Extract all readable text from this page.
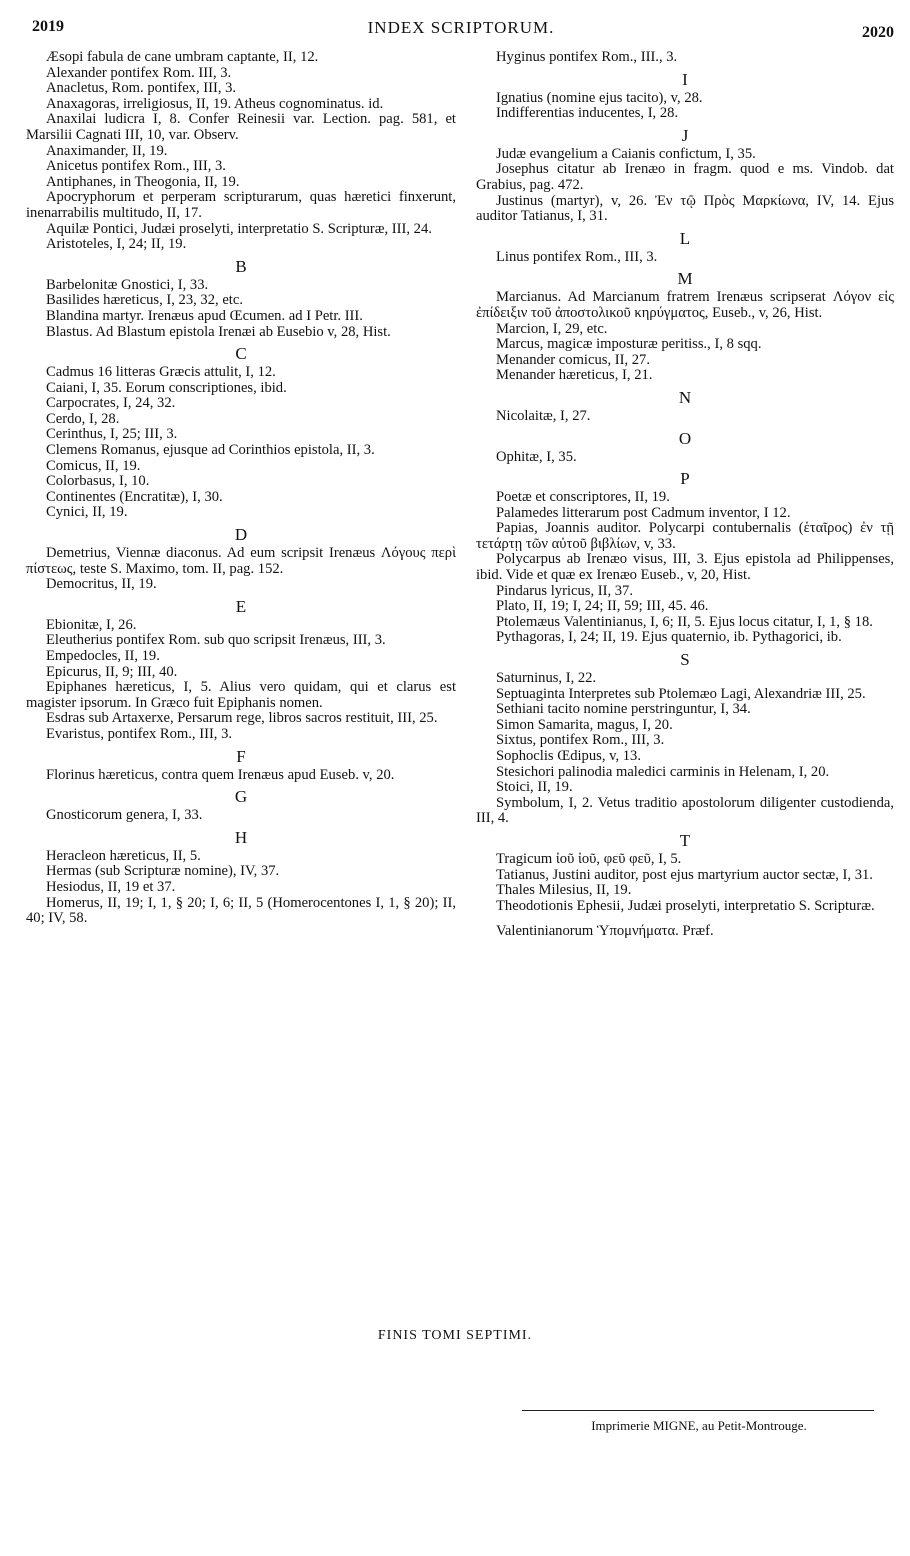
2019	INDEX SCRIPTORUM.	2020
Æsopi fabula de cane umbram captante, II, 12.
Alexander pontifex Rom. III, 3.
Anacletus, Rom. pontifex, III, 3.
Anaxagoras, irreligiosus, II, 19. Atheus cognominatus. id.
Anaxilai ludicra I, 8. Confer Reinesii var. Lection. pag. 581, et Marsilii Cagnati III, 10, var. Observ.
Anaximander, II, 19.
Anicetus pontifex Rom., III, 3.
Antiphanes, in Theogonia, II, 19.
Apocryphorum et perperam scripturarum, quas hæretici finxerunt, inenarrabilis multitudo, II, 17.
Aquilæ Pontici, Judæi proselyti, interpretatio S. Scripturæ, III, 24.
Aristoteles, I, 24; II, 19.
B
Barbelonitæ Gnostici, I, 33.
Basilides hæreticus, I, 23, 32, etc.
Blandina martyr. Irenæus apud Œcumen. ad I Petr. III.
Blastus. Ad Blastum epistola Irenæi ab Eusebio v, 28, Hist.
C
Cadmus 16 litteras Græcis attulit, I, 12.
Caiani, I, 35. Eorum conscriptiones, ibid.
Carpocrates, I, 24, 32.
Cerdo, I, 28.
Cerinthus, I, 25; III, 3.
Clemens Romanus, ejusque ad Corinthios epistola, II, 3.
Comicus, II, 19.
Colorbasus, I, 10.
Continentes (Encratitæ), I, 30.
Cynici, II, 19.
D
Demetrius, Viennæ diaconus. Ad eum scripsit Irenæus Λόγους περὶ πίστεως, teste S. Maximo, tom. II, pag. 152.
Democritus, II, 19.
E
Ebionitæ, I, 26.
Eleutherius pontifex Rom. sub quo scripsit Irenæus, III, 3.
Empedocles, II, 19.
Epicurus, II, 9; III, 40.
Epiphanes hæreticus, I, 5. Alius vero quidam, qui et clarus est magister ipsorum. In Græco fuit Epiphanis nomen.
Esdras sub Artaxerxe, Persarum rege, libros sacros restituit, III, 25.
Evaristus, pontifex Rom., III, 3.
F
Florinus hæreticus, contra quem Irenæus apud Euseb. v, 20.
G
Gnosticorum genera, I, 33.
H
Heracleon hæreticus, II, 5.
Hermas (sub Scripturæ nomine), IV, 37.
Hesiodus, II, 19 et 37.
Homerus, II, 19; I, 1, § 20; I, 6; II, 5 (Homerocentones I, 1, § 20); II, 40; IV, 58.
Hyginus pontifex Rom., III., 3.
I
Ignatius (nomine ejus tacito), v, 28.
Indifferentias inducentes, I, 28.
J
Judæ evangelium a Caianis confictum, I, 35.
Josephus citatur ab Irenæo in fragm. quod e ms. Vindob. dat Grabius, pag. 472.
Justinus (martyr), v, 26. Ἐν τῷ Πρὸς Μαρκίωνα, IV, 14. Ejus auditor Tatianus, I, 31.
L
Linus pontifex Rom., III, 3.
M
Marcianus. Ad Marcianum fratrem Irenæus scripserat Λόγον εἰς ἐπίδειξιν τοῦ ἀποστολικοῦ κηρύγματος, Euseb., v, 26, Hist.
Marcion, I, 29, etc.
Marcus, magicæ imposturæ peritiss., I, 8 sqq.
Menander comicus, II, 27.
Menander hæreticus, I, 21.
N
Nicolaitæ, I, 27.
O
Ophitæ, I, 35.
P
Poetæ et conscriptores, II, 19.
Palamedes litterarum post Cadmum inventor, I 12.
Papias, Joannis auditor. Polycarpi contubernalis (ἑταῖρος) ἐν τῇ τετάρτῃ τῶν αὐτοῦ βιβλίων, v, 33.
Polycarpus ab Irenæo visus, III, 3. Ejus epistola ad Philippenses, ibid. Vide et quæ ex Irenæo Euseb., v, 20, Hist.
Pindarus lyricus, II, 37.
Plato, II, 19; I, 24; II, 59; III, 45. 46.
Ptolemæus Valentinianus, I, 6; II, 5. Ejus locus citatur, I, 1, § 18.
Pythagoras, I, 24; II, 19. Ejus quaternio, ib. Pythagorici, ib.
S
Saturninus, I, 22.
Septuaginta Interpretes sub Ptolemæo Lagi, Alexandriæ III, 25.
Sethiani tacito nomine perstringuntur, I, 34.
Simon Samarita, magus, I, 20.
Sixtus, pontifex Rom., III, 3.
Sophoclis Œdipus, v, 13.
Stesichori palinodia maledici carminis in Helenam, I, 20.
Stoici, II, 19.
Symbolum, I, 2. Vetus traditio apostolorum diligenter custodienda, III, 4.
T
Tragicum ἰοῦ ἰοῦ, φεῦ φεῦ, I, 5.
Tatianus, Justini auditor, post ejus martyrium auctor sectæ, I, 31.
Thales Milesius, II, 19.
Theodotionis Ephesii, Judæi proselyti, interpretatio S. Scripturæ.
Valentinianorum Ὑπομνήματα. Præf.
FINIS TOMI SEPTIMI.
Imprimerie MIGNE, au Petit-Montrouge.
